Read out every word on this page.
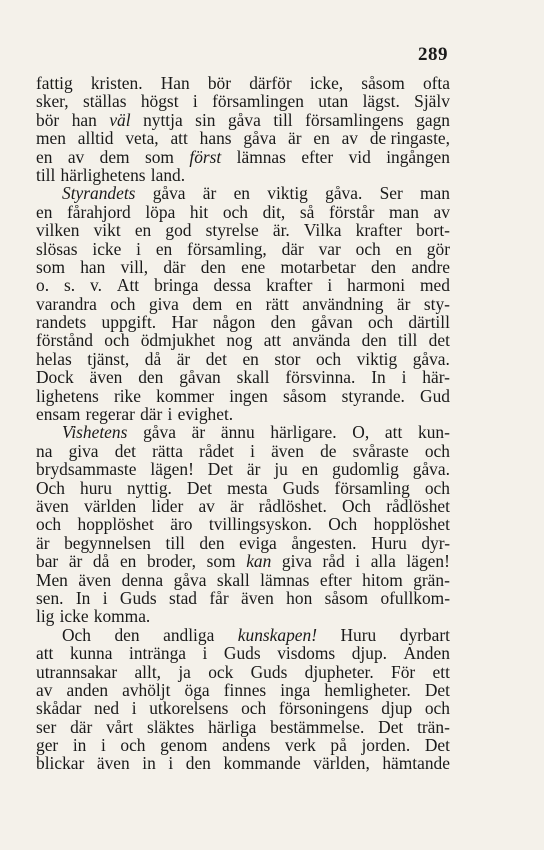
289
fattig kristen. Han bör därför icke, såsom ofta
sker, ställas högst i församlingen utan lägst. Själv
bör han väl nyttja sin gåva till församlingens gagn
men alltid veta, att hans gåva är en av de ringaste,
en av dem som först lämnas efter vid ingången
till härlighetens land.
Styrandets gåva är en viktig gåva. Ser man
en fårahjord löpa hit och dit, så förstår man av
vilken vikt en god styrelse är. Vilka krafter bort-
slösas icke i en församling, där var och en gör
som han vill, där den ene motarbetar den andre
o. s. v. Att bringa dessa krafter i harmoni med
varandra och giva dem en rätt användning är sty-
randets uppgift. Har någon den gåvan och därtill
förstånd och ödmjukhet nog att använda den till det
helas tjänst, då är det en stor och viktig gåva.
Dock även den gåvan skall försvinna. In i här-
lighetens rike kommer ingen såsom styrande. Gud
ensam regerar där i evighet.
Vishetens gåva är ännu härligare. O, att kun-
na giva det rätta rådet i även de svåraste och
brydsammaste lägen! Det är ju en gudomlig gåva.
Och huru nyttig. Det mesta Guds församling och
även världen lider av är rådlöshet. Och rådlöshet
och hopplöshet äro tvillingsyskon. Och hopplöshet
är begynnelsen till den eviga ångesten. Huru dyr-
bar är då en broder, som kan giva råd i alla lägen!
Men även denna gåva skall lämnas efter hitom grän-
sen. In i Guds stad får även hon såsom ofullkom-
lig icke komma.
Och den andliga kunskapen! Huru dyrbart
att kunna inträngа i Guds visdoms djup. Anden
utrannsakar allt, ja ock Guds djupheter. För ett
av anden avhöljt öga finnes inga hemligheter. Det
skådar ned i utkorelsens och försoningens djup och
ser där vårt släktes härliga bestämmelse. Det trän-
ger in i och genom andens verk på jorden. Det
blickar även in i den kommande världen, hämtande
